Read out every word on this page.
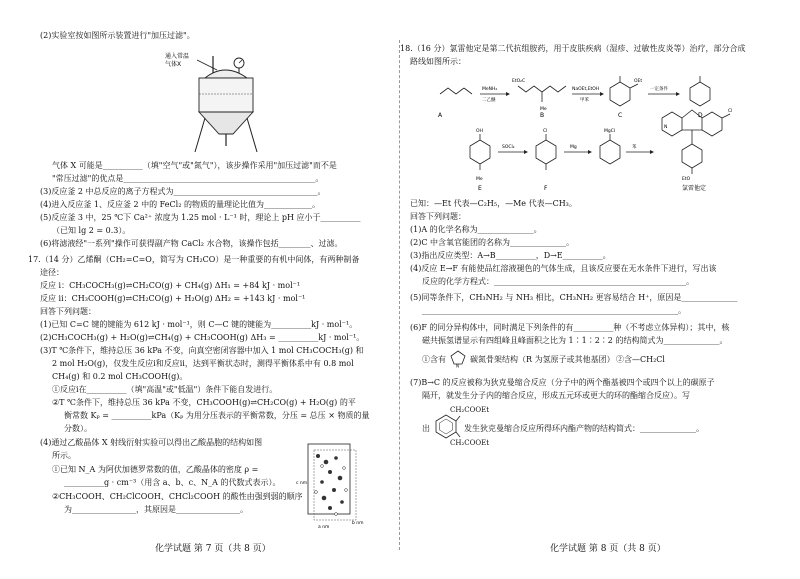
(2)实验室按如图所示装置进行"加压过滤"。
通入常温
气体X
气体 X 可能是__________（填"空气"或"氮气"），该步操作采用"加压过滤"而不是
"常压过滤"的优点是________________________________________________。
(3)反应釜 2 中总反应的离子方程式为____________________________________。
(4)进入反应釜 1、反应釜 2 中的 FeCl₂ 的物质的量理论比值为____________。
(5)反应釜 3 中，25 ℃下 Ca²⁺ 浓度为 1.25 mol · L⁻¹ 时，理论上 pH 应小于__________
（已知 lg 2 = 0.3）。
(6)将滤液经"一系列"操作可获得副产物 CaCl₂ 水合物，该操作包括________、过滤。
17.（14 分）乙烯酮（CH₂=C=O，简写为 CH₂CO）是一种重要的有机中间体，有两种制备
途径：
反应 ⅰ：CH₃COCH₃(g)⇌CH₂CO(g) + CH₄(g) ΔH₁ = +84 kJ · mol⁻¹
反应 ⅱ：CH₃COOH(g)⇌CH₂CO(g) + H₂O(g) ΔH₂ = +143 kJ · mol⁻¹
回答下列问题：
(1)已知 C=C 键的键能为 612 kJ · mol⁻¹，则 C—C 键的键能为__________kJ · mol⁻¹。
(2)CH₃COCH₃(g) + H₂O(g)⇌CH₄(g) + CH₃COOH(g) ΔH₃ = __________kJ · mol⁻¹。
(3)T ℃条件下，维持总压 36 kPa 不变，向真空密闭容器中加入 1 mol CH₃COCH₃(g) 和
2 mol H₂O(g)，仅发生反应ⅰ和反应ⅱ，达到平衡状态时，测得平衡体系中有 0.8 mol
CH₄(g) 和 0.2 mol CH₃COOH(g)。
①反应ⅰ在__________（填"高温"或"低温"）条件下能自发进行。
②T ℃条件下，维持总压 36 kPa 不变，CH₃COOH(g)⇌CH₂CO(g) + H₂O(g) 的平
衡常数 Kₚ = __________kPa（Kₚ 为用分压表示的平衡常数，分压 = 总压 × 物质的量
分数）。
(4)通过乙酸晶体 X 射线衍射实验可以得出乙酸晶胞的结构如图
所示。
①已知 N_A 为阿伏加德罗常数的值，乙酸晶体的密度 ρ =
__________g · cm⁻³（用含 a、b、c、N_A 的代数式表示）。
②CH₃COOH、CH₂ClCOOH、CHCl₂COOH 的酸性由强到弱的顺序
为________________，其原因是________________。
c nm
a nm
b nm
化学试题 第 7 页（共 8 页）
18.（16 分）氯雷他定是第二代抗组胺药，用于皮肤疾病（湿疹、过敏性皮炎等）治疗，部分合成
路线如图所示：
A
MeNH₂
二乙醚
EtO₂C
Me
B
NaOEt,EtOH
甲苯
OEt
C
一定条件
D
OH
Me
E
SOCl₂
Cl
F
Mg
MgCl
苯
N
Cl
EtO
氯雷他定
已知：—Et 代表—C₂H₅，—Me 代表—CH₃。
回答下列问题：
(1)A 的化学名称为______________。
(2)C 中含氧官能团的名称为______________。
(3)指出反应类型：A→B__________，D→E__________。
(4)反应 E→F 有能使品红溶液褪色的气体生成，且该反应要在无水条件下进行，写出该
反应的化学方程式：________________________________________________。
(5)同等条件下，CH₃NH₂ 与 NH₃ 相比，CH₃NH₂ 更容易结合 H⁺，原因是______________
________________________________________________________________。
(6)F 的同分异构体中，同时满足下列条件的有__________种（不考虑立体异构）；其中，核
磁共振氢谱显示有四组峰且峰面积之比为 1∶1∶2∶2 的结构简式为______________。
①含有
N
碳氮骨架结构（R 为氢原子或其他基团） ②含—CH₂Cl
(7)B→C 的反应被称为狄克曼缩合反应（分子中的两个酯基被四个或四个以上的碳原子
隔开，就发生分子内的缩合反应，形成五元环或更大的环的酯缩合反应）。写
CH₂COOEt
出	发生狄克曼缩合反应所得环内酯产物的结构简式：______________。
CH₂COOEt
化学试题 第 8 页（共 8 页）
